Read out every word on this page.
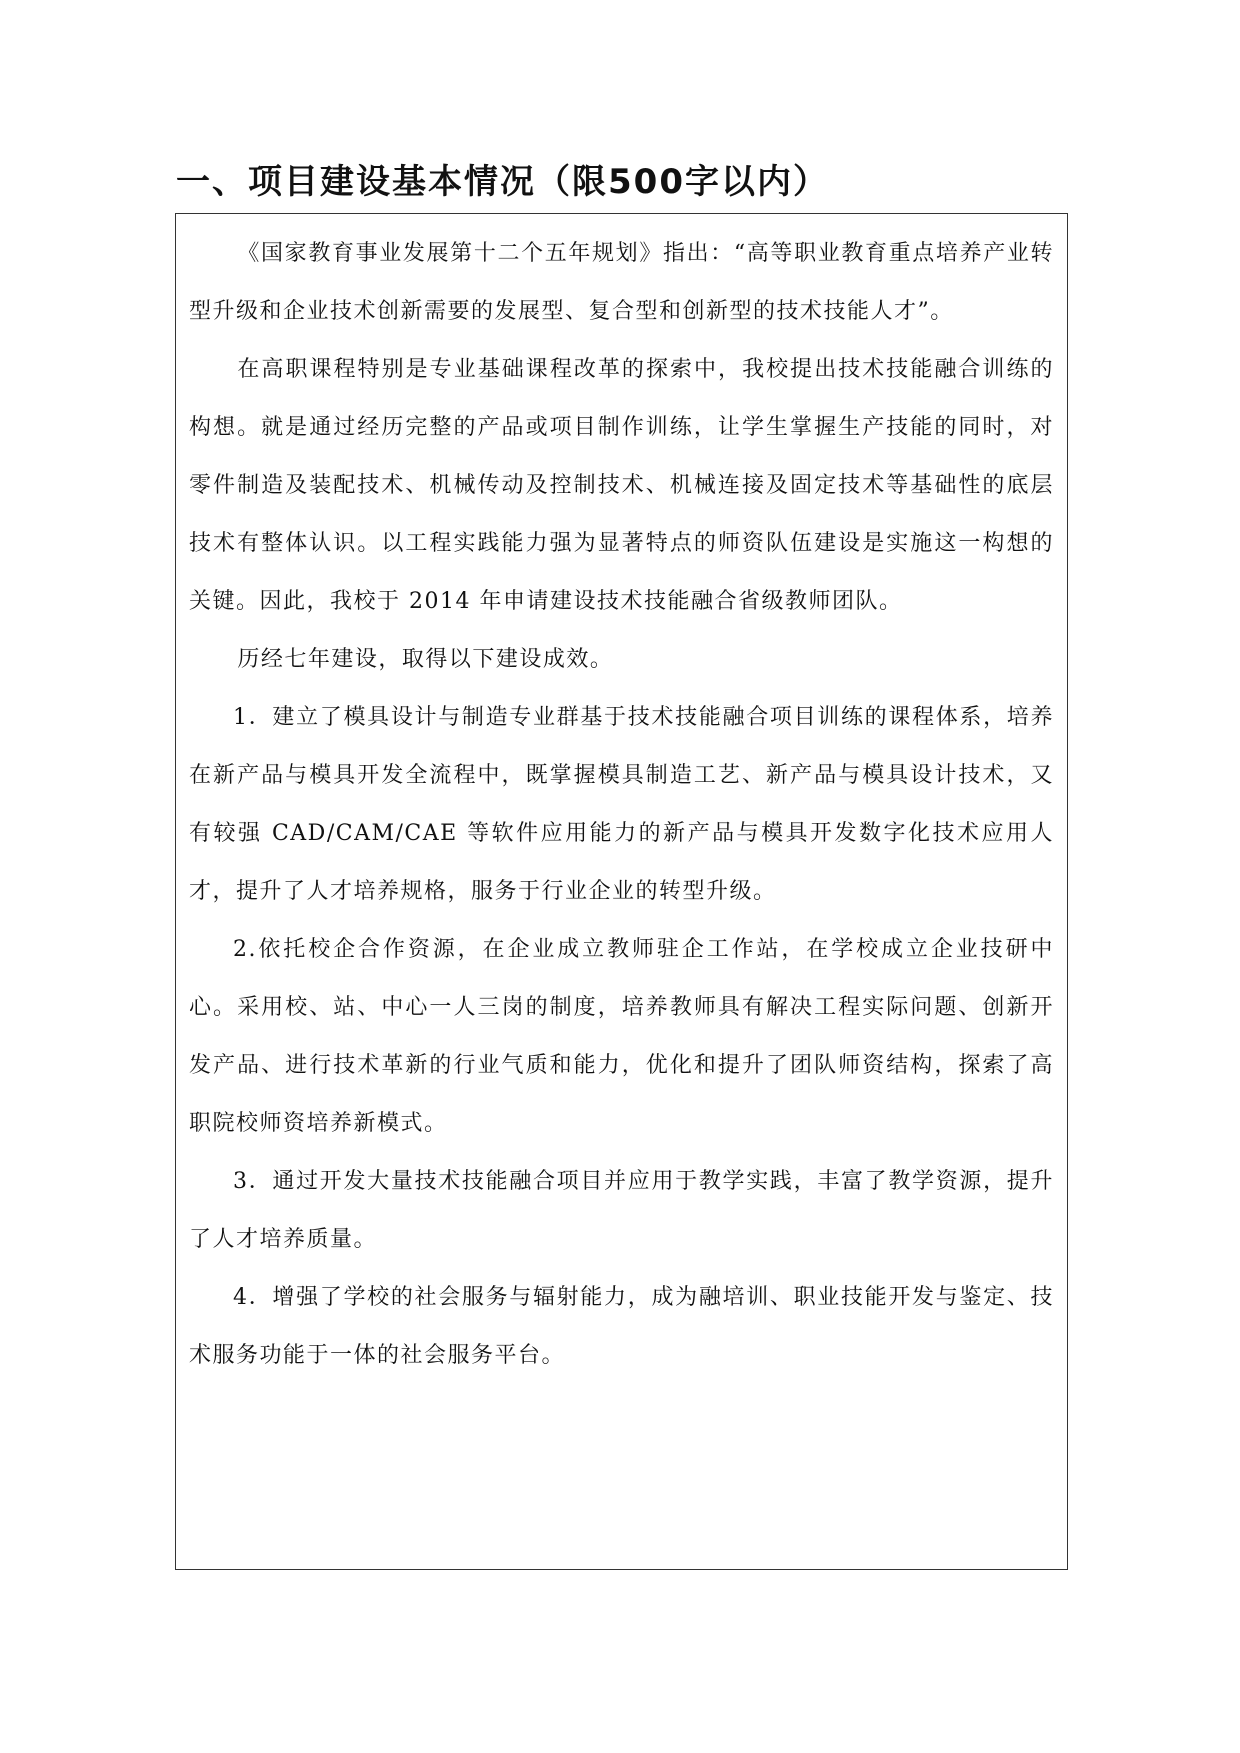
一、项目建设基本情况（限500字以内）

《国家教育事业发展第十二个五年规划》指出：“高等职业教育重点培养产业转型升级和企业技术创新需要的发展型、复合型和创新型的技术技能人才”。

在高职课程特别是专业基础课程改革的探索中，我校提出技术技能融合训练的构想。就是通过经历完整的产品或项目制作训练，让学生掌握生产技能的同时，对零件制造及装配技术、机械传动及控制技术、机械连接及固定技术等基础性的底层技术有整体认识。以工程实践能力强为显著特点的师资队伍建设是实施这一构想的关键。因此，我校于 2014 年申请建设技术技能融合省级教师团队。

历经七年建设，取得以下建设成效。

1．建立了模具设计与制造专业群基于技术技能融合项目训练的课程体系，培养在新产品与模具开发全流程中，既掌握模具制造工艺、新产品与模具设计技术，又有较强 CAD/CAM/CAE 等软件应用能力的新产品与模具开发数字化技术应用人才，提升了人才培养规格，服务于行业企业的转型升级。

2.依托校企合作资源，在企业成立教师驻企工作站，在学校成立企业技研中心。采用校、站、中心一人三岗的制度，培养教师具有解决工程实际问题、创新开发产品、进行技术革新的行业气质和能力，优化和提升了团队师资结构，探索了高职院校师资培养新模式。

3．通过开发大量技术技能融合项目并应用于教学实践，丰富了教学资源，提升了人才培养质量。

4．增强了学校的社会服务与辐射能力，成为融培训、职业技能开发与鉴定、技术服务功能于一体的社会服务平台。
